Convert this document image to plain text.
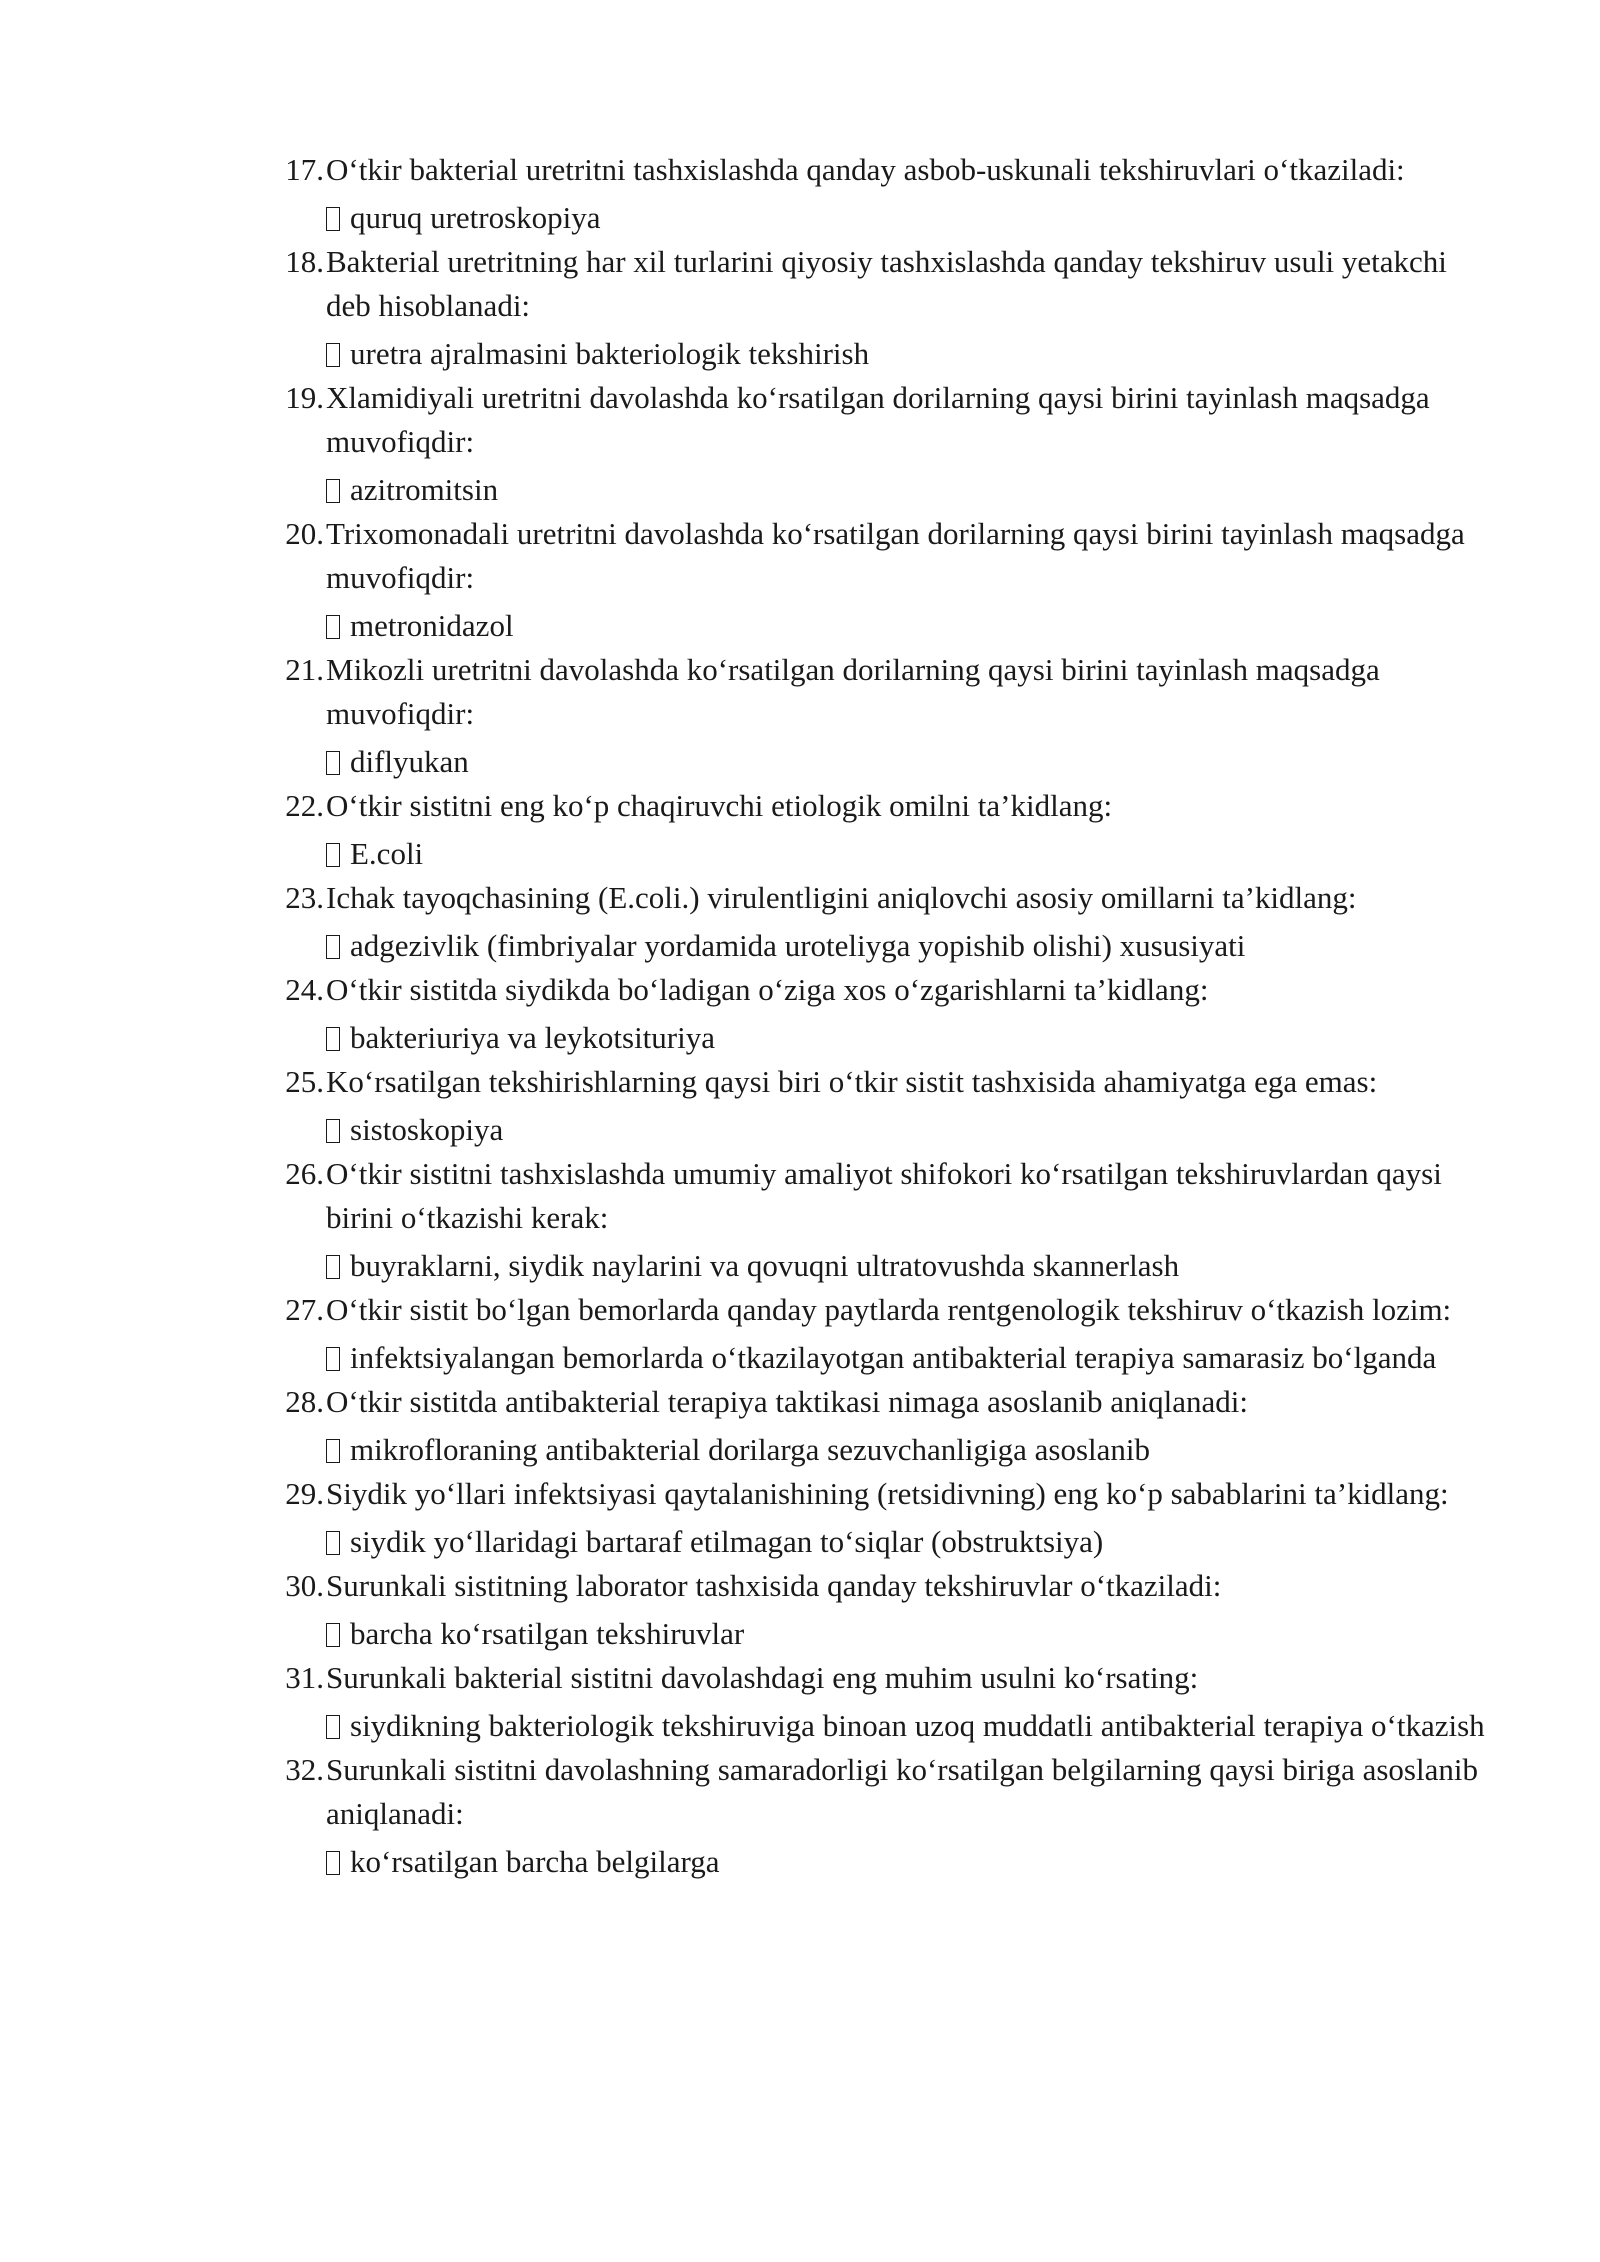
17. O‘tkir bakterial uretritni tashxislashda qanday asbob-uskunali tekshiruvlari o‘tkaziladi:
quruq uretroskopiya
18. Bakterial uretritning har xil turlarini qiyosiy tashxislashda qanday tekshiruv usuli yetakchi deb hisoblanadi:
uretra ajralmasini bakteriologik tekshirish
19. Xlamidiyali uretritni davolashda ko‘rsatilgan dorilarning qaysi birini tayinlash maqsadga muvofiqdir:
azitromitsin
20. Trixomonadali uretritni davolashda ko‘rsatilgan dorilarning qaysi birini tayinlash maqsadga muvofiqdir:
metronidazol
21. Mikozli uretritni davolashda ko‘rsatilgan dorilarning qaysi birini tayinlash maqsadga muvofiqdir:
diflyukan
22. O‘tkir sistitni eng ko‘p chaqiruvchi etiologik omilni ta’kidlang:
E.coli
23. Ichak tayoqchasining (E.coli.) virulentligini aniqlovchi asosiy omillarni ta’kidlang:
adgezivlik (fimbriyalar yordamida uroteliyga yopishib olishi) xususiyati
24. O‘tkir sistitda siydikda bo‘ladigan o‘ziga xos o‘zgarishlarni ta’kidlang:
bakteriuriya va leykotsituriya
25. Ko‘rsatilgan tekshirishlarning qaysi biri o‘tkir sistit tashxisida ahamiyatga ega emas:
sistoskopiya
26. O‘tkir sistitni tashxislashda umumiy amaliyot shifokori ko‘rsatilgan tekshiruvlardan qaysi birini o‘tkazishi kerak:
buyraklarni, siydik naylarini va qovuqni ultratovushda skannerlash
27. O‘tkir sistit bo‘lgan bemorlarda qanday paytlarda rentgenologik tekshiruv o‘tkazish lozim:
infektsiyalangan bemorlarda o‘tkazilayotgan antibakterial terapiya samarasiz bo‘lganda
28. O‘tkir sistitda antibakterial terapiya taktikasi nimaga asoslanib aniqlanadi:
mikrofloraning antibakterial dorilarga sezuvchanligiga asoslanib
29. Siydik yo‘llari infektsiyasi qaytalanishining (retsidivning) eng ko‘p sabablarini ta’kidlang:
siydik yo‘llaridagi bartaraf etilmagan to‘siqlar (obstruktsiya)
30. Surunkali sistitning laborator tashxisida qanday tekshiruvlar o‘tkaziladi:
barcha ko‘rsatilgan tekshiruvlar
31. Surunkali bakterial sistitni davolashdagi eng muhim usulni ko‘rsating:
siydikning bakteriologik tekshiruviga binoan uzoq muddatli antibakterial terapiya o‘tkazish
32. Surunkali sistitni davolashning samaradorligi ko‘rsatilgan belgilarning qaysi biriga asoslanib aniqlanadi:
ko‘rsatilgan barcha belgilarga
